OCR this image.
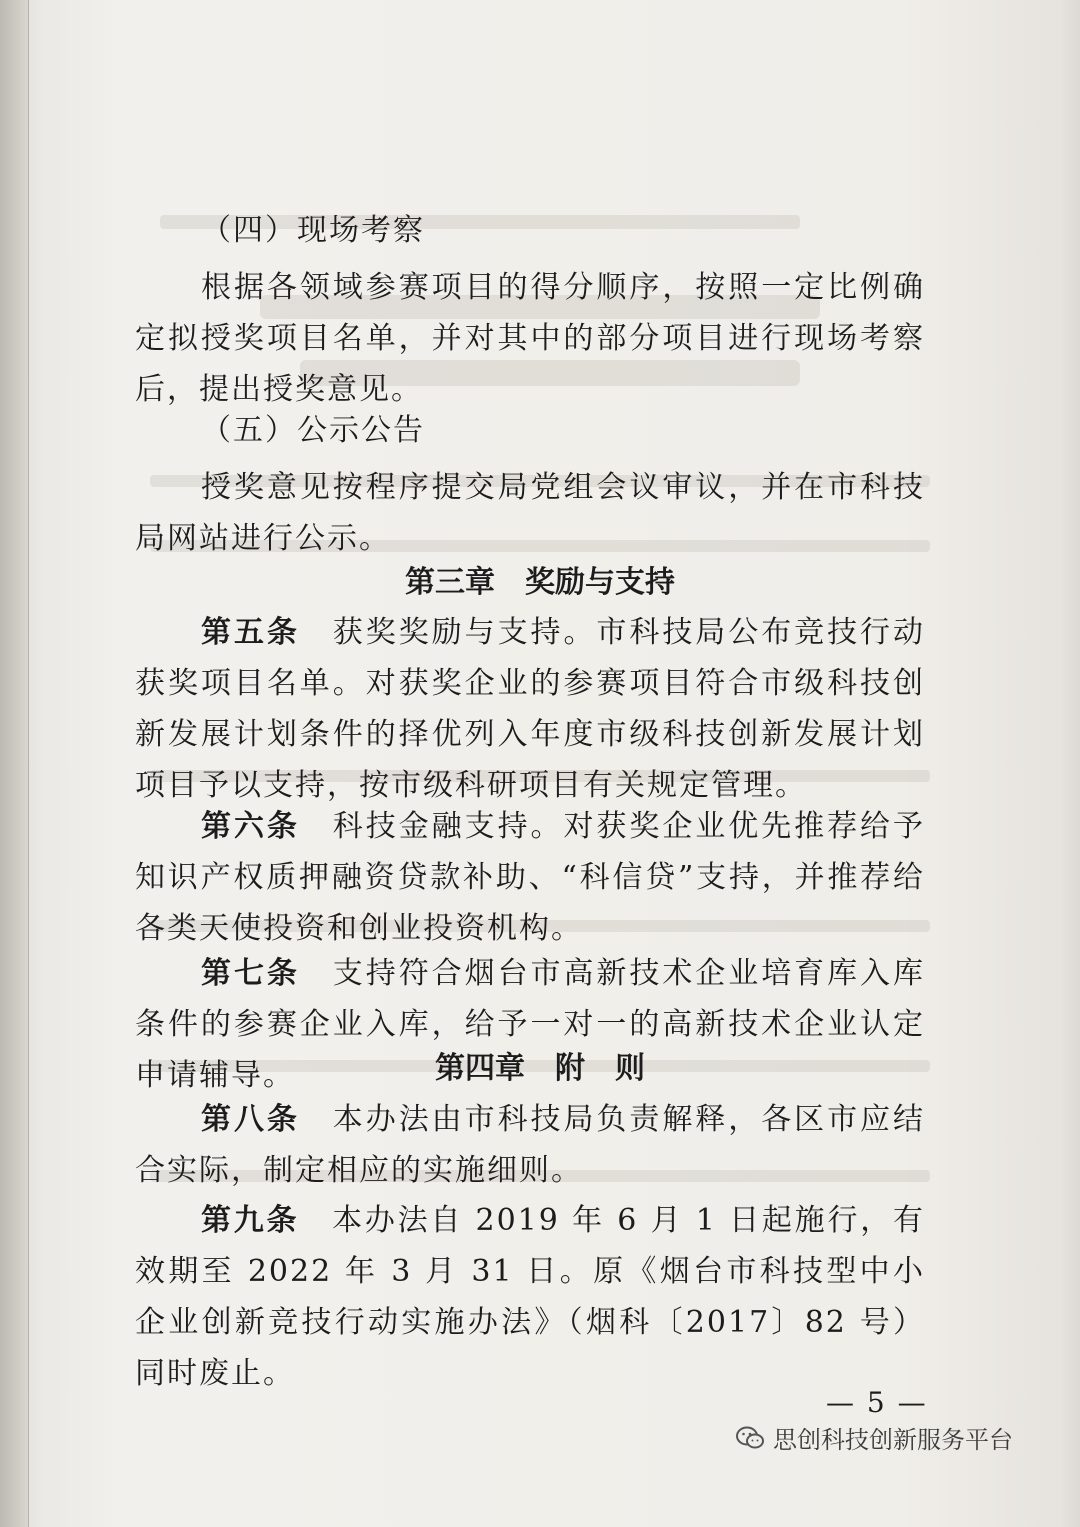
（四）现场考察
根据各领域参赛项目的得分顺序，按照一定比例确定拟授奖项目名单，并对其中的部分项目进行现场考察后，提出授奖意见。
（五）公示公告
授奖意见按程序提交局党组会议审议，并在市科技局网站进行公示。
第三章　奖励与支持
第五条　获奖奖励与支持。市科技局公布竞技行动获奖项目名单。对获奖企业的参赛项目符合市级科技创新发展计划条件的择优列入年度市级科技创新发展计划项目予以支持，按市级科研项目有关规定管理。
第六条　科技金融支持。对获奖企业优先推荐给予知识产权质押融资贷款补助、“科信贷”支持，并推荐给各类天使投资和创业投资机构。
第七条　支持符合烟台市高新技术企业培育库入库条件的参赛企业入库，给予一对一的高新技术企业认定申请辅导。	第四章　附　则
第八条　本办法由市科技局负责解释，各区市应结合实际，制定相应的实施细则。
第九条　本办法自 2019 年 6 月 1 日起施行，有效期至 2022 年 3 月 31 日。原《烟台市科技型中小企业创新竞技行动实施办法》（烟科〔2017〕82 号）同时废止。
— 5 —
思创科技创新服务平台
